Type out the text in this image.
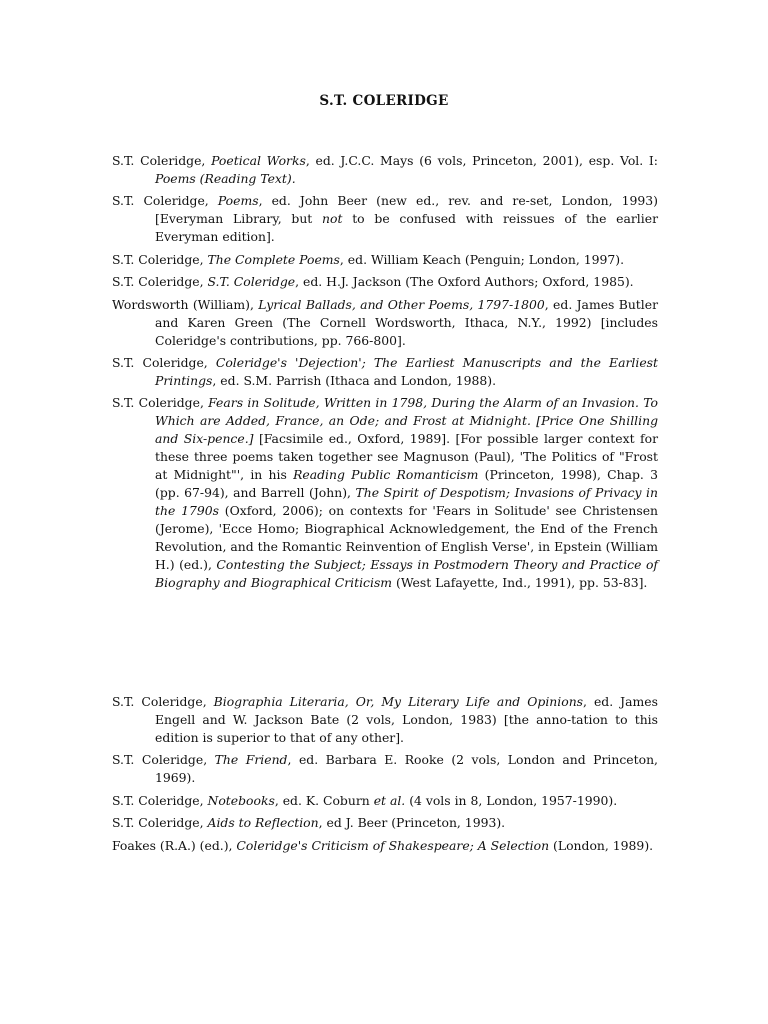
S.T. COLERIDGE

S.T. Coleridge, Poetical Works, ed. J.C.C. Mays (6 vols, Princeton, 2001), esp. Vol. I: Poems (Reading Text).

S.T. Coleridge, Poems, ed. John Beer (new ed., rev. and re-set, London, 1993) [Everyman Library, but not to be confused with reissues of the earlier Everyman edition].

S.T. Coleridge, The Complete Poems, ed. William Keach (Penguin; London, 1997).

S.T. Coleridge, S.T. Coleridge, ed. H.J. Jackson (The Oxford Authors; Oxford, 1985).

Wordsworth (William), Lyrical Ballads, and Other Poems, 1797-1800, ed. James Butler and Karen Green (The Cornell Wordsworth, Ithaca, N.Y., 1992) [includes Coleridge's contributions, pp. 766-800].

S.T. Coleridge, Coleridge's 'Dejection'; The Earliest Manuscripts and the Earliest Printings, ed. S.M. Parrish (Ithaca and London, 1988).

S.T. Coleridge, Fears in Solitude, Written in 1798, During the Alarm of an Invasion. To Which are Added, France, an Ode; and Frost at Midnight. [Price One Shilling and Six-pence.] [Facsimile ed., Oxford, 1989]. [For possible larger context for these three poems taken together see Magnuson (Paul), 'The Politics of "Frost at Midnight"', in his Reading Public Romanticism (Princeton, 1998), Chap. 3 (pp. 67-94), and Barrell (John), The Spirit of Despotism; Invasions of Privacy in the 1790s (Oxford, 2006); on contexts for 'Fears in Solitude' see Christensen (Jerome), 'Ecce Homo; Biographical Acknowledgement, the End of the French Revolution, and the Romantic Reinvention of English Verse', in Epstein (William H.) (ed.), Contesting the Subject; Essays in Postmodern Theory and Practice of Biography and Biographical Criticism (West Lafayette, Ind., 1991), pp. 53-83].

S.T. Coleridge, Biographia Literaria, Or, My Literary Life and Opinions, ed. James Engell and W. Jackson Bate (2 vols, London, 1983) [the anno-tation to this edition is superior to that of any other].

S.T. Coleridge, The Friend, ed. Barbara E. Rooke (2 vols, London and Princeton, 1969).

S.T. Coleridge, Notebooks, ed. K. Coburn et al. (4 vols in 8, London, 1957-1990).

S.T. Coleridge, Aids to Reflection, ed J. Beer (Princeton, 1993).

Foakes (R.A.) (ed.), Coleridge's Criticism of Shakespeare; A Selection (London, 1989).
